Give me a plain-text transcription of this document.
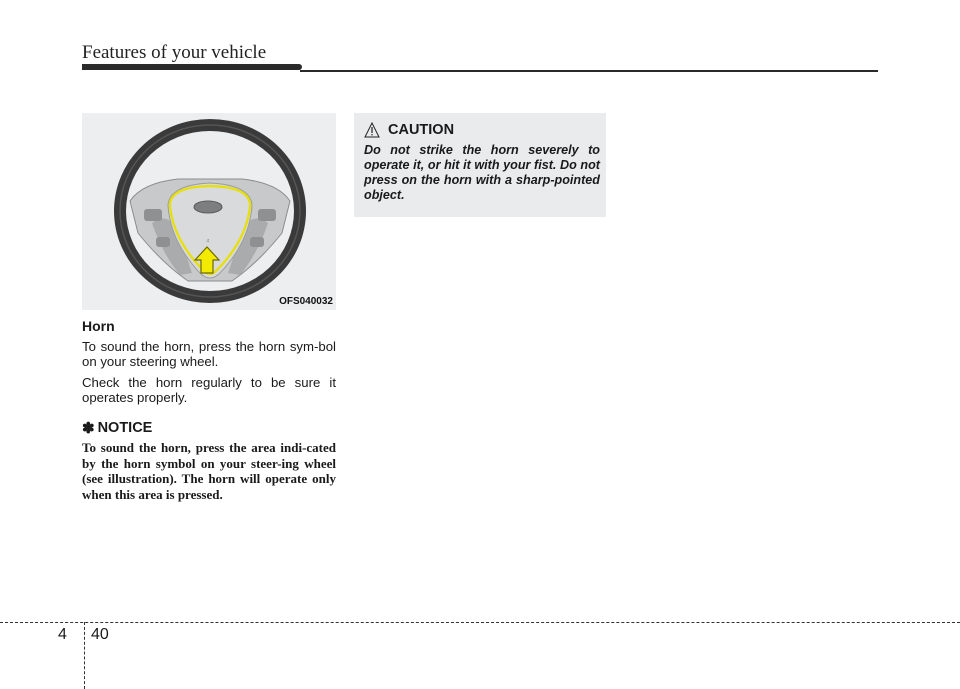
Features of your vehicle
♫
OFS040032
Horn

To sound the horn, press the horn sym-bol on your steering wheel.

Check the horn regularly to be sure it operates properly.

✽ NOTICE
To sound the horn, press the area indi-cated by the horn symbol on your steer-ing wheel (see illustration). The horn will operate only when this area is pressed.
CAUTION
Do not strike the horn severely to operate it, or hit it with your fist. Do not press on the horn with a sharp-pointed object.
4 40
